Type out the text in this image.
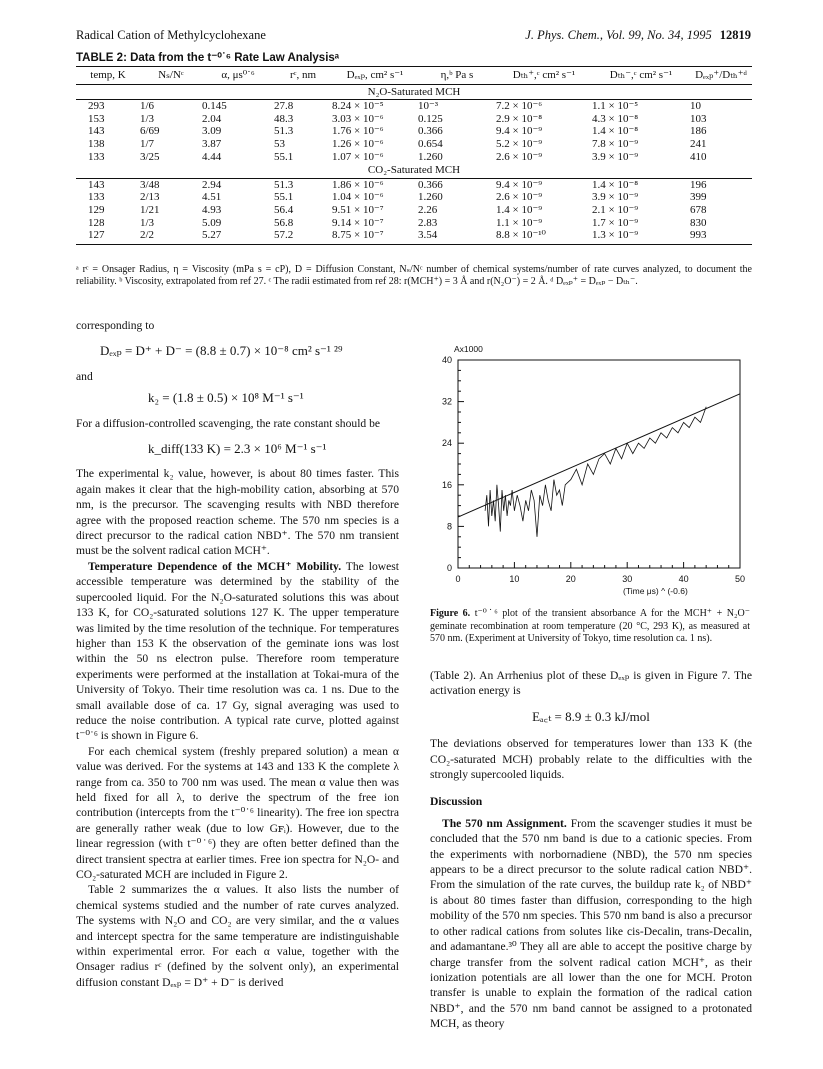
Radical Cation of Methylcyclohexane	J. Phys. Chem., Vol. 99, No. 34, 1995 12819
TABLE 2: Data from the t⁻⁰˙⁶ Rate Law Analysisᵃ
temp, K	Nₛ/Nᶜ	α, μs⁰˙⁶	rᶜ, nm	Dₑₓₚ, cm² s⁻¹	η,ᵇ Pa s	Dₜₕ⁺,ᶜ cm² s⁻¹	Dₜₕ⁻,ᶜ cm² s⁻¹	Dₑₓₚ⁺/Dₜₕ⁺ᵈ
N₂O-Saturated MCH								
293	1/6	0.145	27.8	8.24 × 10⁻⁵	10⁻³	7.2 × 10⁻⁶	1.1 × 10⁻⁵	10
153	1/3	2.04	48.3	3.03 × 10⁻⁶	0.125	2.9 × 10⁻⁸	4.3 × 10⁻⁸	103
143	6/69	3.09	51.3	1.76 × 10⁻⁶	0.366	9.4 × 10⁻⁹	1.4 × 10⁻⁸	186
138	1/7	3.87	53	1.26 × 10⁻⁶	0.654	5.2 × 10⁻⁹	7.8 × 10⁻⁹	241
133	3/25	4.44	55.1	1.07 × 10⁻⁶	1.260	2.6 × 10⁻⁹	3.9 × 10⁻⁹	410
CO₂-Saturated MCH								
143	3/48	2.94	51.3	1.86 × 10⁻⁶	0.366	9.4 × 10⁻⁹	1.4 × 10⁻⁸	196
133	2/13	4.51	55.1	1.04 × 10⁻⁶	1.260	2.6 × 10⁻⁹	3.9 × 10⁻⁹	399
129	1/21	4.93	56.4	9.51 × 10⁻⁷	2.26	1.4 × 10⁻⁹	2.1 × 10⁻⁹	678
128	1/3	5.09	56.8	9.14 × 10⁻⁷	2.83	1.1 × 10⁻⁹	1.7 × 10⁻⁹	830
127	2/2	5.27	57.2	8.75 × 10⁻⁷	3.54	8.8 × 10⁻¹⁰	1.3 × 10⁻⁹	993
ᵃ rᶜ = Onsager Radius, η = Viscosity (mPa s = cP), D = Diffusion Constant, Nₛ/Nᶜ number of chemical systems/number of rate curves analyzed, to document the reliability. ᵇ Viscosity, extrapolated from ref 27. ᶜ The radii estimated from ref 28: r(MCH⁺) = 3 Å and r(N₂O⁻) = 2 Å. ᵈ Dₑₓₚ⁺ = Dₑₓₚ − Dₜₕ⁻.

corresponding to

Dₑₓₚ = D⁺ + D⁻ = (8.8 ± 0.7) × 10⁻⁸ cm² s⁻¹ ²⁹

and

k₂ = (1.8 ± 0.5) × 10⁸ M⁻¹ s⁻¹

For a diffusion-controlled scavenging, the rate constant should be

k_diff(133 K) = 2.3 × 10⁶ M⁻¹ s⁻¹

The experimental k₂ value, however, is about 80 times faster. This again makes it clear that the high-mobility cation, absorbing at 570 nm, is the precursor. The scavenging results with NBD therefore agree with the proposed reaction scheme. The 570 nm species is a direct precursor to the radical cation NBD⁺. The 570 nm transient must be the solvent radical cation MCH⁺.

Temperature Dependence of the MCH⁺ Mobility. The lowest accessible temperature was determined by the stability of the supercooled liquid. For the N₂O-saturated solutions this was about 133 K, for CO₂-saturated solutions 127 K. The upper temperature was limited by the time resolution of the technique. For temperatures higher than 153 K the observation of the geminate ions was lost within the 50 ns electron pulse. Therefore room temperature experiments were performed at the installation at Tokai-mura of the University of Tokyo. Their time resolution was ca. 1 ns. Due to the small available dose of ca. 17 Gy, signal averaging was used to reduce the noise contribution. A typical rate curve, plotted against t⁻⁰˙⁶ is shown in Figure 6.

For each chemical system (freshly prepared solution) a mean α value was derived. For the systems at 143 and 133 K the complete λ range from ca. 350 to 700 nm was used. The mean α value then was held fixed for all λ, to derive the spectrum of the free ion contribution (intercepts from the t⁻⁰˙⁶ linearity). The free ion spectra are generally rather weak (due to low Gꜰᵢ). However, due to the linear regression (with t⁻⁰˙⁶) they are often better defined than the direct transient spectra at earlier times. Free ion spectra for N₂O- and CO₂-saturated MCH are included in Figure 2.

Table 2 summarizes the α values. It also lists the number of chemical systems studied and the number of rate curves analyzed. The systems with N₂O and CO₂ are very similar, and the α values and intercept spectra for the same temperature are indistinguishable within experimental error. For each α value, together with the Onsager radius rᶜ (defined by the solvent only), an experimental diffusion constant Dₑₓₚ = D⁺ + D⁻ is derived

Ax1000
0
8
16
24
32
40
0	10	20	30	40	50
(Time μs) ^ (-0.6)
Figure 6. t⁻⁰˙⁶ plot of the transient absorbance A for the MCH⁺ + N₂O⁻ geminate recombination at room temperature (20 °C, 293 K), as measured at 570 nm. (Experiment at University of Tokyo, time resolution ca. 1 ns).

(Table 2). An Arrhenius plot of these Dₑₓₚ is given in Figure 7. The activation energy is

Eₐ꜀ₜ = 8.9 ± 0.3 kJ/mol

The deviations observed for temperatures lower than 133 K (the CO₂-saturated MCH) probably relate to the difficulties with the strongly supercooled liquids.

Discussion

The 570 nm Assignment. From the scavenger studies it must be concluded that the 570 nm band is due to a cationic species. From the experiments with norbornadiene (NBD), the 570 nm species appears to be a direct precursor to the solute radical cation NBD⁺. From the simulation of the rate curves, the buildup rate k₂ of NBD⁺ is about 80 times faster than diffusion, corresponding to the high mobility of the 570 nm species. This 570 nm band is also a precursor to other radical cations from solutes like cis-Decalin, trans-Decalin, and adamantane.³⁰ They all are able to accept the positive charge by charge transfer from the solvent radical cation MCH⁺, as their ionization potentials are all lower than the one for MCH. Proton transfer is unable to explain the formation of the radical cation NBD⁺, and the 570 nm band cannot be assigned to a protonated MCH, as theory
